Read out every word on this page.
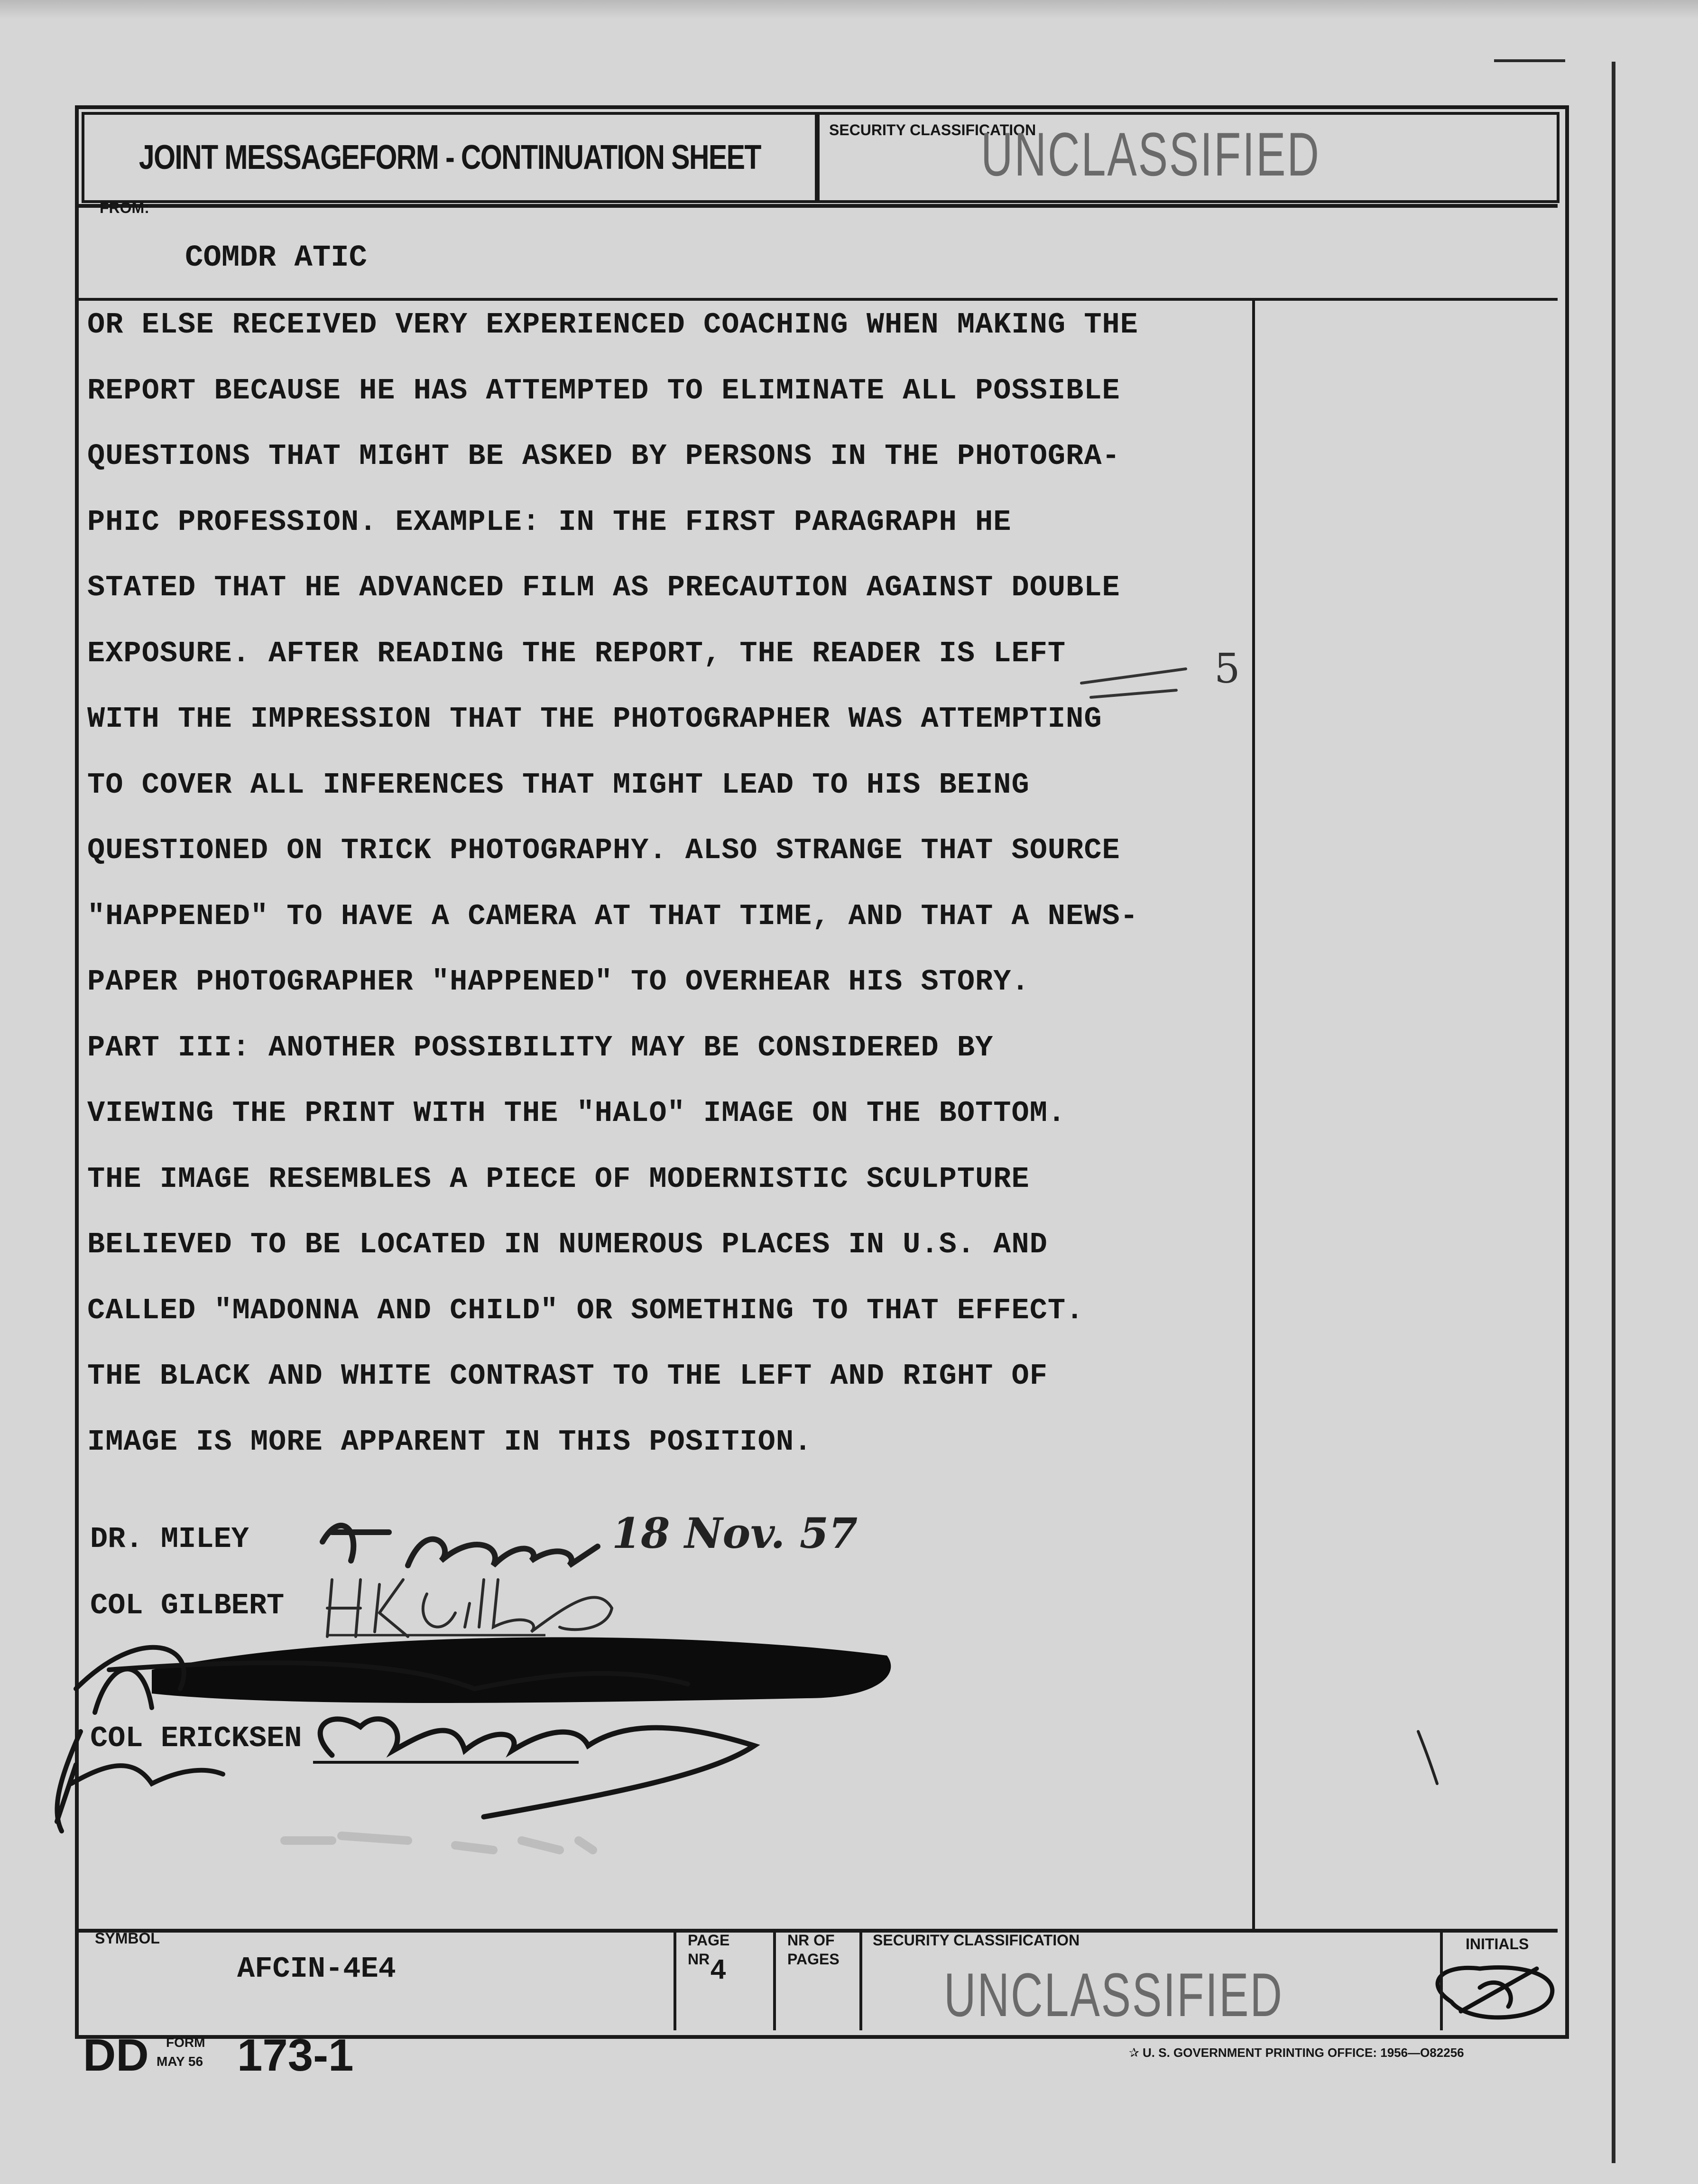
JOINT MESSAGEFORM - CONTINUATION SHEET
SECURITY CLASSIFICATION
UNCLASSIFIED
FROM:
COMDR ATIC
OR ELSE RECEIVED VERY EXPERIENCED COACHING WHEN MAKING THE
REPORT BECAUSE HE HAS ATTEMPTED TO ELIMINATE ALL POSSIBLE
QUESTIONS THAT MIGHT BE ASKED BY PERSONS IN THE PHOTOGRA-
PHIC PROFESSION. EXAMPLE: IN THE FIRST PARAGRAPH HE
STATED THAT HE ADVANCED FILM AS PRECAUTION AGAINST DOUBLE
EXPOSURE. AFTER READING THE REPORT, THE READER IS LEFT
WITH THE IMPRESSION THAT THE PHOTOGRAPHER WAS ATTEMPTING
TO COVER ALL INFERENCES THAT MIGHT LEAD TO HIS BEING
QUESTIONED ON TRICK PHOTOGRAPHY. ALSO STRANGE THAT SOURCE
"HAPPENED" TO HAVE A CAMERA AT THAT TIME, AND THAT A NEWS-
PAPER PHOTOGRAPHER "HAPPENED" TO OVERHEAR HIS STORY.
PART III: ANOTHER POSSIBILITY MAY BE CONSIDERED BY
VIEWING THE PRINT WITH THE "HALO" IMAGE ON THE BOTTOM.
THE IMAGE RESEMBLES A PIECE OF MODERNISTIC SCULPTURE
BELIEVED TO BE LOCATED IN NUMEROUS PLACES IN U.S. AND
CALLED "MADONNA AND CHILD" OR SOMETHING TO THAT EFFECT.
THE BLACK AND WHITE CONTRAST TO THE LEFT AND RIGHT OF
IMAGE IS MORE APPARENT IN THIS POSITION.
5
DR. MILEY
COL GILBERT

COL ERICKSEN
18 Nov. 57
SYMBOL
AFCIN-4E4
PAGE
NR 4
NR OF
PAGES
SECURITY CLASSIFICATION
UNCLASSIFIED
INITIALS
DD FORM
MAY 56 173-1	✰ U. S. GOVERNMENT PRINTING OFFICE: 1956—O82256
